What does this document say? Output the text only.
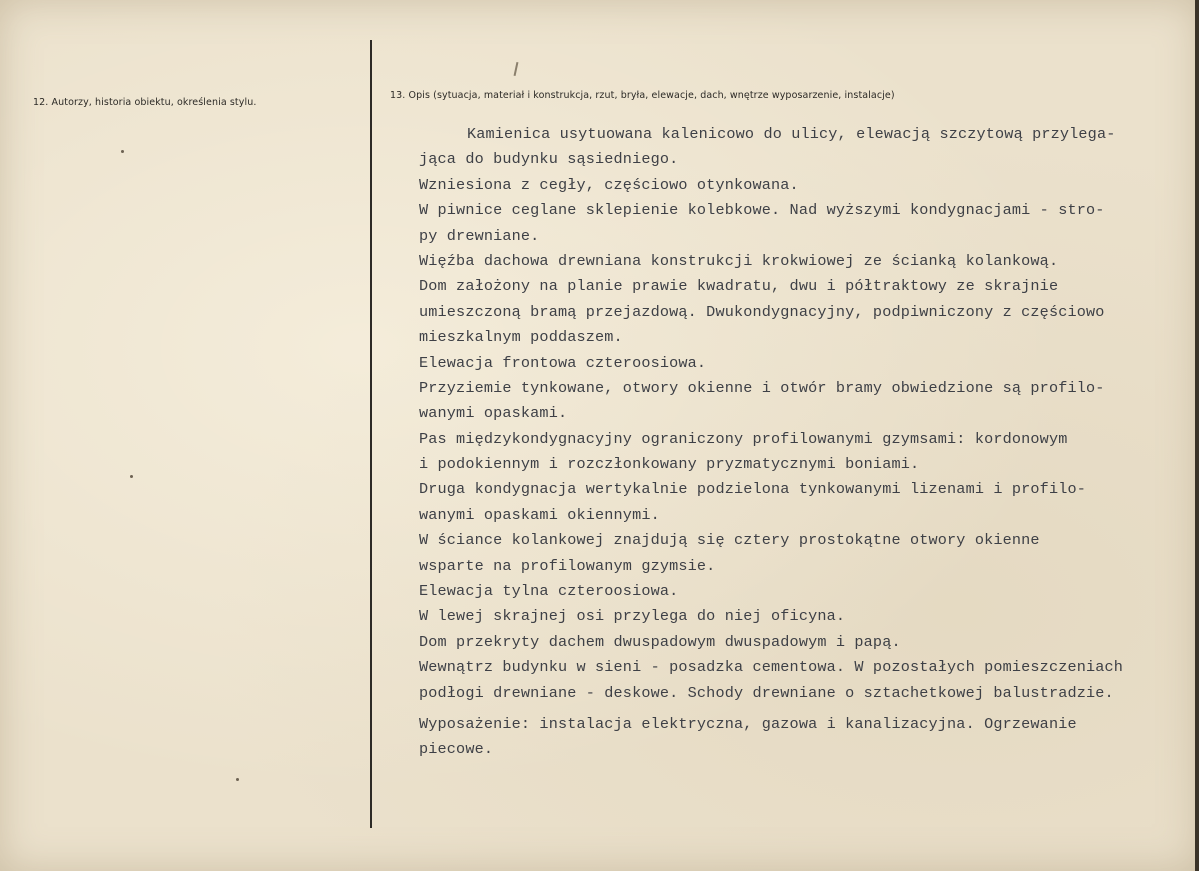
12. Autorzy, historia obiektu, określenia stylu.
13. Opis (sytuacja, materiał i konstrukcja, rzut, bryła, elewacje, dach, wnętrze wyposarzenie, instalacje)
Kamienica usytuowana kalenicowo do ulicy, elewacją szczytową przylega-
jąca do budynku sąsiedniego.
Wzniesiona z cegły, częściowo otynkowana.
W piwnice ceglane sklepienie kolebkowe. Nad wyższymi kondygnacjami - stro-
py drewniane.
Więźba dachowa drewniana konstrukcji krokwiowej ze ścianką kolankową.
Dom założony na planie prawie kwadratu, dwu i półtraktowy ze skrajnie
umieszczoną bramą przejazdową. Dwukondygnacyjny, podpiwniczony z częściowo
mieszkalnym poddaszem.
Elewacja frontowa czteroosiowa.
Przyziemie tynkowane, otwory okienne i otwór bramy obwiedzione są profilo-
wanymi opaskami.
Pas międzykondygnacyjny ograniczony profilowanymi gzymsami: kordonowym
i podokiennym i rozczłonkowany pryzmatycznymi boniami.
Druga kondygnacja wertykalnie podzielona tynkowanymi lizenami i profilo-
wanymi opaskami okiennymi.
W ściance kolankowej znajdują się cztery prostokątne otwory okienne
wsparte na profilowanym gzymsie.
Elewacja tylna czteroosiowa.
W lewej skrajnej osi przylega do niej oficyna.
Dom przekryty dachem dwuspadowym dwuspadowym i papą.
Wewnątrz budynku w sieni - posadzka cementowa. W pozostałych pomieszczeniach
podłogi drewniane - deskowe. Schody drewniane o sztachetkowej balustradzie.
Wyposażenie: instalacja elektryczna, gazowa i kanalizacyjna. Ogrzewanie
piecowe.
